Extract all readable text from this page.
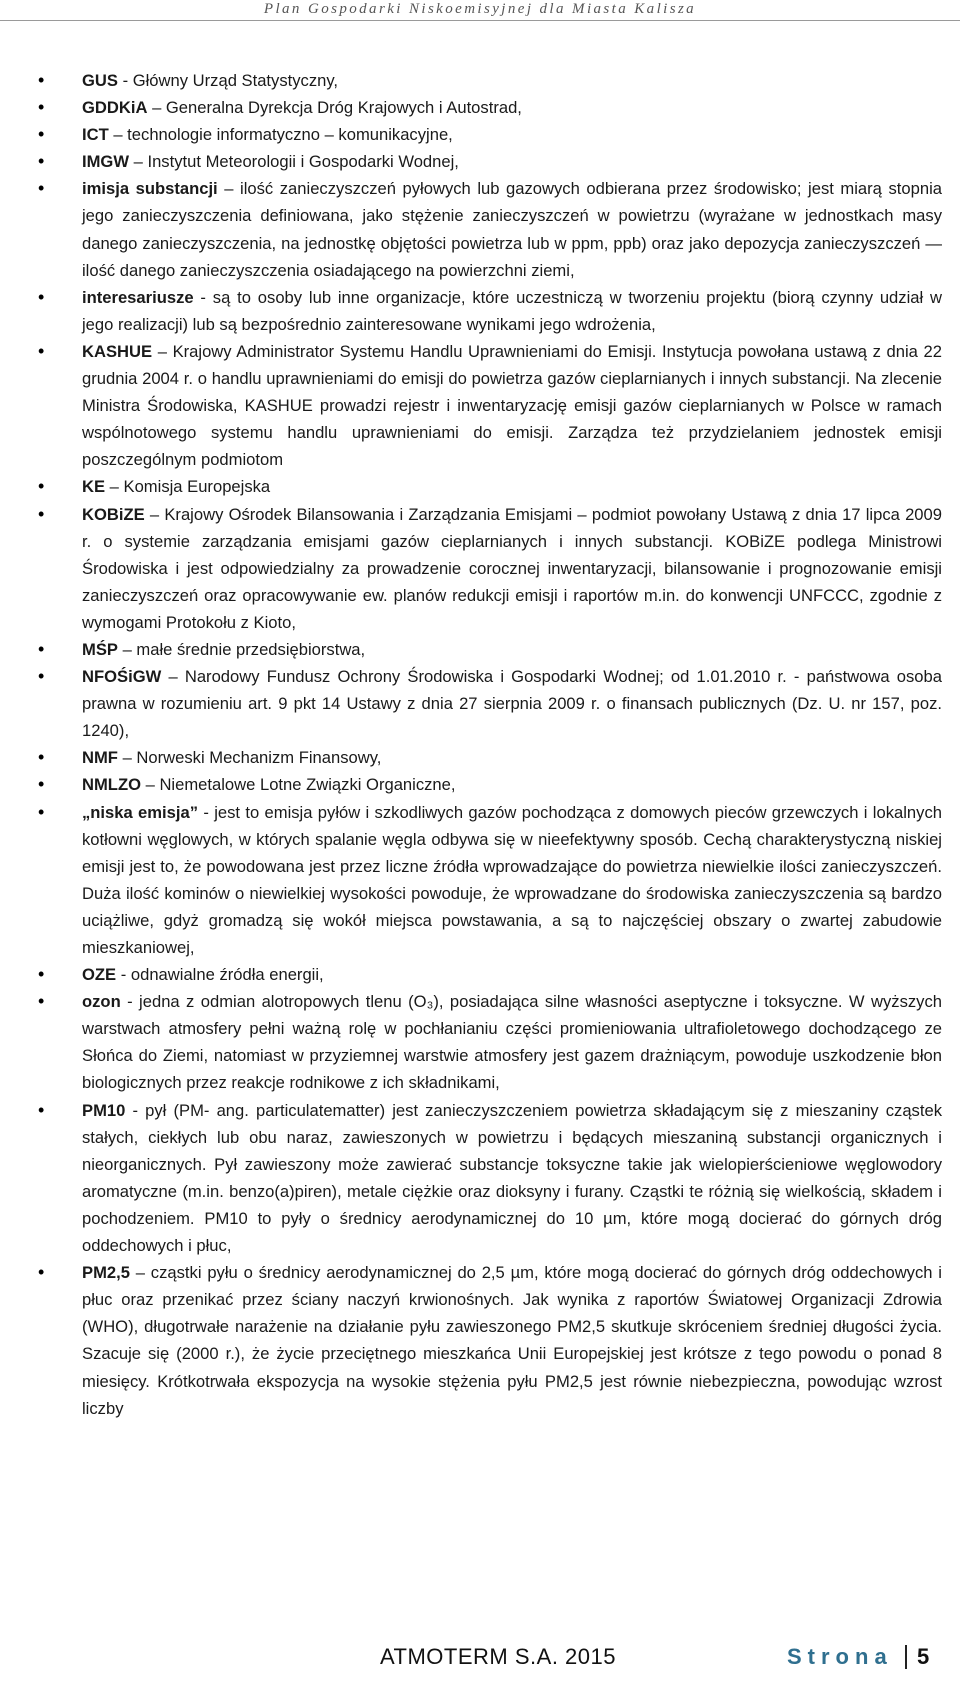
Plan Gospodarki Niskoemisyjnej dla Miasta Kalisza
• GUS - Główny Urząd Statystyczny,
• GDDKiA – Generalna Dyrekcja Dróg Krajowych i Autostrad,
• ICT – technologie informatyczno – komunikacyjne,
• IMGW – Instytut Meteorologii i Gospodarki Wodnej,
• imisja substancji – ilość zanieczyszczeń pyłowych lub gazowych odbierana przez środowisko; jest miarą stopnia jego zanieczyszczenia definiowana, jako stężenie zanieczyszczeń w powietrzu (wyrażane w jednostkach masy danego zanieczyszczenia, na jednostkę objętości powietrza lub w ppm, ppb) oraz jako depozycja zanieczyszczeń — ilość danego zanieczyszczenia osiadającego na powierzchni ziemi,
• interesariusze - są to osoby lub inne organizacje, które uczestniczą w tworzeniu projektu (biorą czynny udział w jego realizacji) lub są bezpośrednio zainteresowane wynikami jego wdrożenia,
• KASHUE – Krajowy Administrator Systemu Handlu Uprawnieniami do Emisji. Instytucja powołana ustawą z dnia 22 grudnia 2004 r. o handlu uprawnieniami do emisji do powietrza gazów cieplarnianych i innych substancji. Na zlecenie Ministra Środowiska, KASHUE prowadzi rejestr i inwentaryzację emisji gazów cieplarnianych w Polsce w ramach wspólnotowego systemu handlu uprawnieniami do emisji. Zarządza też przydzielaniem jednostek emisji poszczególnym podmiotom
• KE – Komisja Europejska
• KOBiZE – Krajowy Ośrodek Bilansowania i Zarządzania Emisjami – podmiot powołany Ustawą z dnia 17 lipca 2009 r. o systemie zarządzania emisjami gazów cieplarnianych i innych substancji. KOBiZE podlega Ministrowi Środowiska i jest odpowiedzialny za prowadzenie corocznej inwentaryzacji, bilansowanie i prognozowanie emisji zanieczyszczeń oraz opracowywanie ew. planów redukcji emisji i raportów m.in. do konwencji UNFCCC, zgodnie z wymogami Protokołu z Kioto,
• MŚP – małe średnie przedsiębiorstwa,
• NFOŚiGW – Narodowy Fundusz Ochrony Środowiska i Gospodarki Wodnej; od 1.01.2010 r. - państwowa osoba prawna w rozumieniu art. 9 pkt 14 Ustawy z dnia 27 sierpnia 2009 r. o finansach publicznych (Dz. U. nr 157, poz. 1240),
• NMF – Norweski Mechanizm Finansowy,
• NMLZO – Niemetalowe Lotne Związki Organiczne,
• „niska emisja” - jest to emisja pyłów i szkodliwych gazów pochodząca z domowych pieców grzewczych i lokalnych kotłowni węglowych, w których spalanie węgla odbywa się w nieefektywny sposób. Cechą charakterystyczną niskiej emisji jest to, że powodowana jest przez liczne źródła wprowadzające do powietrza niewielkie ilości zanieczyszczeń. Duża ilość kominów o niewielkiej wysokości powoduje, że wprowadzane do środowiska zanieczyszczenia są bardzo uciążliwe, gdyż gromadzą się wokół miejsca powstawania, a są to najczęściej obszary o zwartej zabudowie mieszkaniowej,
• OZE - odnawialne źródła energii,
• ozon - jedna z odmian alotropowych tlenu (O₃), posiadająca silne własności aseptyczne i toksyczne. W wyższych warstwach atmosfery pełni ważną rolę w pochłanianiu części promieniowania ultrafioletowego dochodzącego ze Słońca do Ziemi, natomiast w przyziemnej warstwie atmosfery jest gazem drażniącym, powoduje uszkodzenie błon biologicznych przez reakcje rodnikowe z ich składnikami,
• PM10 - pył (PM- ang. particulatematter) jest zanieczyszczeniem powietrza składającym się z mieszaniny cząstek stałych, ciekłych lub obu naraz, zawieszonych w powietrzu i będących mieszaniną substancji organicznych i nieorganicznych. Pył zawieszony może zawierać substancje toksyczne takie jak wielopierścieniowe węglowodory aromatyczne (m.in. benzo(a)piren), metale ciężkie oraz dioksyny i furany. Cząstki te różnią się wielkością, składem i pochodzeniem. PM10 to pyły o średnicy aerodynamicznej do 10 µm, które mogą docierać do górnych dróg oddechowych i płuc,
• PM2,5 – cząstki pyłu o średnicy aerodynamicznej do 2,5 µm, które mogą docierać do górnych dróg oddechowych i płuc oraz przenikać przez ściany naczyń krwionośnych. Jak wynika z raportów Światowej Organizacji Zdrowia (WHO), długotrwałe narażenie na działanie pyłu zawieszonego PM2,5 skutkuje skróceniem średniej długości życia. Szacuje się (2000 r.), że życie przeciętnego mieszkańca Unii Europejskiej jest krótsze z tego powodu o ponad 8 miesięcy. Krótkotrwała ekspozycja na wysokie stężenia pyłu PM2,5 jest równie niebezpieczna, powodując wzrost liczby
ATMOTERM S.A. 2015	Strona 5
